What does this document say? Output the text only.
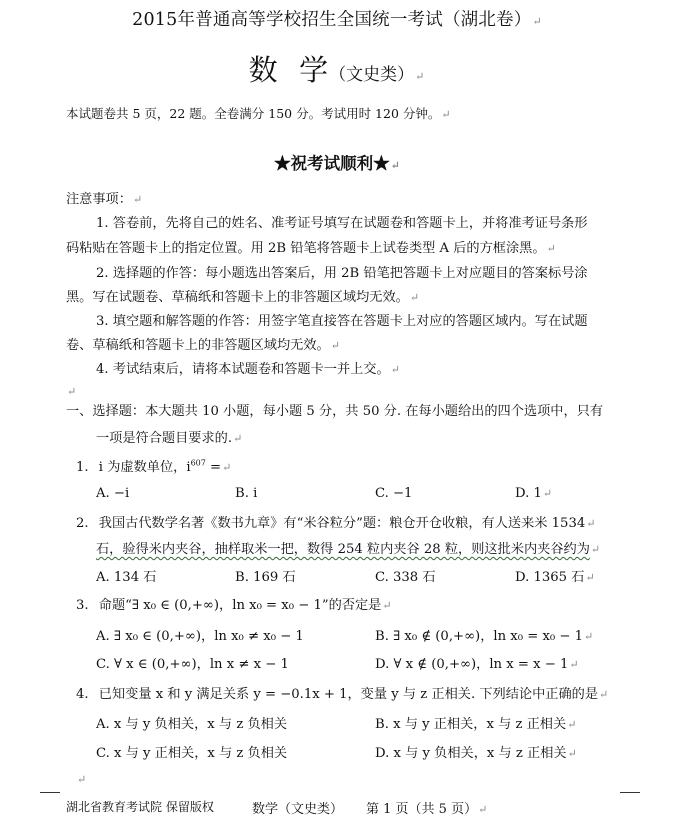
2015年普通高等学校招生全国统一考试（湖北卷）↵
数  学（文史类）↵
本试题卷共 5 页，22 题。全卷满分 150 分。考试用时 120 分钟。↵
★祝考试顺利★↵
注意事项：↵
1. 答卷前，先将自己的姓名、准考证号填写在试题卷和答题卡上，并将准考证号条形
码粘贴在答题卡上的指定位置。用 2B 铅笔将答题卡上试卷类型 A 后的方框涂黑。↵
2. 选择题的作答：每小题选出答案后，用 2B 铅笔把答题卡上对应题目的答案标号涂
黑。写在试题卷、草稿纸和答题卡上的非答题区域均无效。↵
3. 填空题和解答题的作答：用签字笔直接答在答题卡上对应的答题区域内。写在试题
卷、草稿纸和答题卡上的非答题区域均无效。↵
4. 考试结束后，请将本试题卷和答题卡一并上交。↵
↵
一、选择题：本大题共 10 小题，每小题 5 分，共 50 分. 在每小题给出的四个选项中，只有
一项是符合题目要求的.↵
1. i 为虚数单位，$i^{607}$ =↵
A. −i	B. i	C. −1	D. 1↵
2. 我国古代数学名著《数书九章》有“米谷粒分”题：粮仓开仓收粮，有人送来米 1534↵
石，验得米内夹谷，抽样取米一把，数得 254 粒内夹谷 28 粒，则这批米内夹谷约为↵
A. 134 石	B. 169 石	C. 338 石	D. 1365 石↵
3. 命题“∃ x₀ ∈ (0,+∞)，ln x₀ = x₀ − 1”的否定是↵
A. ∃ x₀ ∈ (0,+∞)，ln x₀ ≠ x₀ − 1	B. ∃ x₀ ∉ (0,+∞)，ln x₀ = x₀ − 1↵
C. ∀ x ∈ (0,+∞)，ln x ≠ x − 1	D. ∀ x ∉ (0,+∞)，ln x = x − 1↵
4. 已知变量 x 和 y 满足关系 y = −0.1x + 1，变量 y 与 z 正相关. 下列结论中正确的是↵
A. x 与 y 负相关，x 与 z 负相关	B. x 与 y 正相关，x 与 z 正相关↵
C. x 与 y 正相关，x 与 z 负相关	D. x 与 y 负相关，x 与 z 正相关↵
↵
湖北省教育考试院 保留版权	数学（文史类） 第 1 页（共 5 页）↵
